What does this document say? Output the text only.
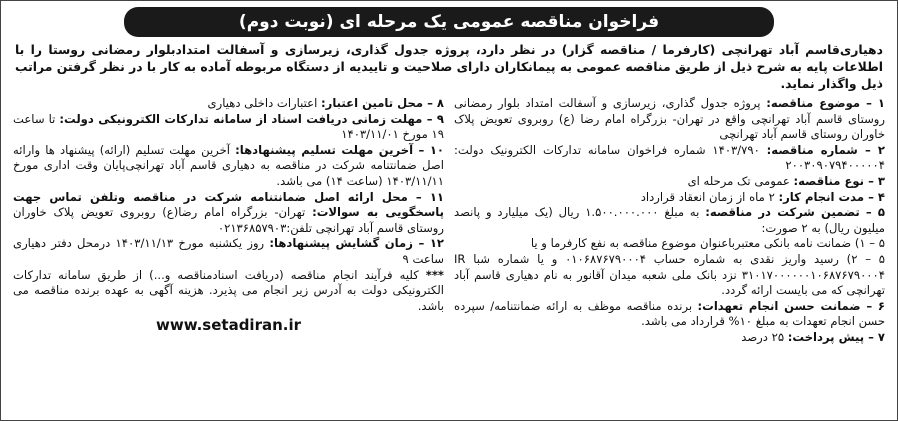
فراخوان مناقصه عمومی یک مرحله ای (نوبت دوم)
دهیاری‌قاسم آباد تهرانچی (کارفرما / مناقصه گزار) در نظر دارد، پروژه جدول گذاری، زیرسازی و آسفالت امتدادبلوار رمضانی روستا را با اطلاعات پایه به شرح ذیل از طریق مناقصه عمومی به پیمانکاران دارای صلاحیت و تاییدیه از دستگاه مربوطه آماده به کار با در نظر گرفتن مراتب ذیل واگذار نماید.
۱ – موضوع مناقصه: پروژه جدول گذاری، زیرسازی و آسفالت امتداد بلوار رمضانی روستای قاسم آباد تهرانچی واقع در تهران- بزرگراه امام رضا (ع) روبروی تعویض پلاک خاوران روستای قاسم آباد تهرانچی
۲ – شماره مناقصه: ۱۴۰۳/۷۹۰ شماره فراخوان سامانه تدارکات الکترونیک دولت: ۲۰۰۳۰۹۰۷۹۴۰۰۰۰۰۴
۳ – نوع مناقصه: عمومی تک مرحله ای
۴ – مدت انجام کار: ۲ ماه از زمان انعقاد قرارداد
۵ – تضمین شرکت در مناقصه: به مبلغ ۱.۵۰۰.۰۰۰.۰۰۰ ریال (یک میلیارد و پانصد میلیون ریال) به ۲ صورت:
۵ – ۱) ضمانت نامه بانکی معتبرباعنوان موضوع مناقصه به نفع کارفرما و یا
۵ – ۲) رسید واریز نقدی به شماره حساب ۰۱۰۶۸۷۶۷۹۰۰۰۴ و یا شماره شبا IR ۳۱۰۱۷۰۰۰۰۰۰۱۰۶۸۷۶۷۹۰۰۰۴ نزد بانک ملی شعبه میدان آقانور به نام دهیاری قاسم آباد تهرانچی که می بایست ارائه گردد.
۶ – ضمانت حسن انجام تعهدات: برنده مناقصه موظف به ارائه ضمانتنامه/ سپرده حسن انجام تعهدات به مبلغ ۱۰% قرارداد می باشد.
۷ – پیش پرداخت: ۲۵ درصد
۸ – محل تامین اعتبار: اعتبارات داخلی دهیاری
۹ – مهلت زمانی دریافت اسناد از سامانه تدارکات الکترونیکی دولت: تا ساعت ۱۹ مورخ ۱۴۰۳/۱۱/۰۱
۱۰ – آخرین مهلت تسلیم پیشنهادها: آخرین مهلت تسلیم (ارائه) پیشنهاد ها وارائه اصل ضمانتنامه شرکت در مناقصه به دهیاری قاسم آباد تهرانچی‌پایان وقت اداری مورخ ۱۴۰۳/۱۱/۱۱ (ساعت ۱۴) می باشد.
۱۱ – محل ارائه اصل ضمانتنامه شرکت در مناقصه وتلفن تماس جهت پاسخگویی به سوالات: تهران- بزرگراه امام رضا(ع) روبروی تعویض پلاک خاوران روستای قاسم آباد تهرانچی تلفن:۰۲۱۳۶۸۵۷۹۰۳
۱۲ – زمان گشایش پیشنهادها: روز یکشنبه مورخ ۱۴۰۳/۱۱/۱۳ درمحل دفتر دهیاری ساعت ۹
*** کلیه فرآیند انجام مناقصه (دریافت اسنادمناقصه و...) از طریق سامانه تدارکات الکترونیکی دولت به آدرس زیر انجام می پذیرد. هزینه آگهی به عهده برنده مناقصه می باشد.
www.setadiran.ir
